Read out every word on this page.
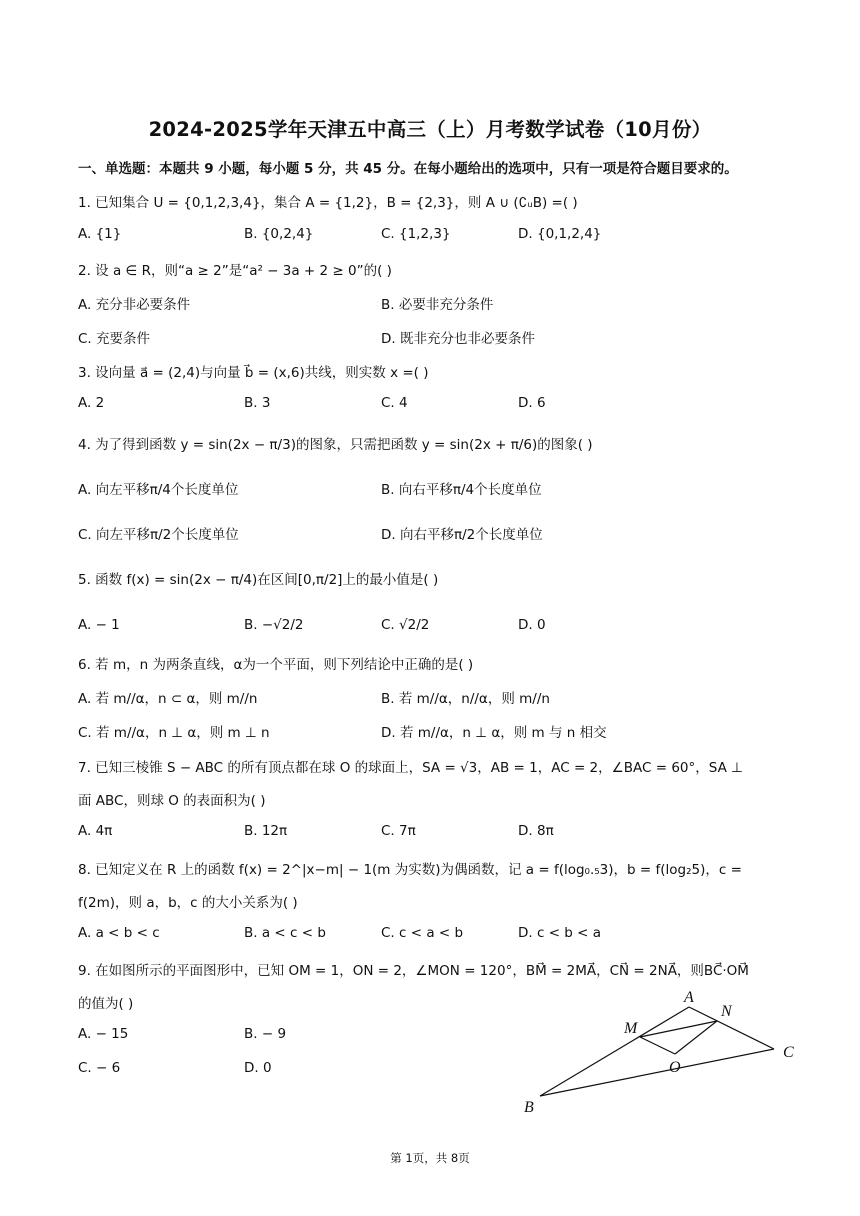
2024-2025学年天津五中高三（上）月考数学试卷（10月份）
一、单选题：本题共 9 小题，每小题 5 分，共 45 分。在每小题给出的选项中，只有一项是符合题目要求的。
1. 已知集合 U = {0,1,2,3,4}，集合 A = {1,2}，B = {2,3}，则 A ∪ (∁ᵤB) =( )
A. {1}	B. {0,2,4}	C. {1,2,3}	D. {0,1,2,4}
2. 设 a ∈ R，则“a ≥ 2”是“a² − 3a + 2 ≥ 0”的( )
A. 充分非必要条件	B. 必要非充分条件
C. 充要条件	D. 既非充分也非必要条件
3. 设向量 a⃗ = (2,4)与向量 b⃗ = (x,6)共线，则实数 x =( )
A. 2	B. 3	C. 4	D. 6
4. 为了得到函数 y = sin(2x − π/3)的图象，只需把函数 y = sin(2x + π/6)的图象( )
A. 向左平移π/4个长度单位	B. 向右平移π/4个长度单位
C. 向左平移π/2个长度单位	D. 向右平移π/2个长度单位
5. 函数 f(x) = sin(2x − π/4)在区间[0,π/2]上的最小值是( )
A. − 1	B. −√2/2	C. √2/2	D. 0
6. 若 m，n 为两条直线，α为一个平面，则下列结论中正确的是( )
A. 若 m//α，n ⊂ α，则 m//n	B. 若 m//α，n//α，则 m//n
C. 若 m//α，n ⊥ α，则 m ⊥ n	D. 若 m//α，n ⊥ α，则 m 与 n 相交
7. 已知三棱锥 S − ABC 的所有顶点都在球 O 的球面上，SA = √3，AB = 1，AC = 2，∠BAC = 60°，SA ⊥
面 ABC，则球 O 的表面积为( )
A. 4π	B. 12π	C. 7π	D. 8π
8. 已知定义在 R 上的函数 f(x) = 2^|x−m| − 1(m 为实数)为偶函数，记 a = f(log₀.₅3)，b = f(log₂5)，c =
f(2m)，则 a，b，c 的大小关系为( )
A. a < b < c	B. a < c < b	C. c < a < b	D. c < b < a
9. 在如图所示的平面图形中，已知 OM = 1，ON = 2，∠MON = 120°，BM⃗ = 2MA⃗，CN⃗ = 2NA⃗，则BC⃗·OM⃗
的值为( )
A. − 15	B. − 9
C. − 6	D. 0
A
M
N
O
B
C
第 1页，共 8页
